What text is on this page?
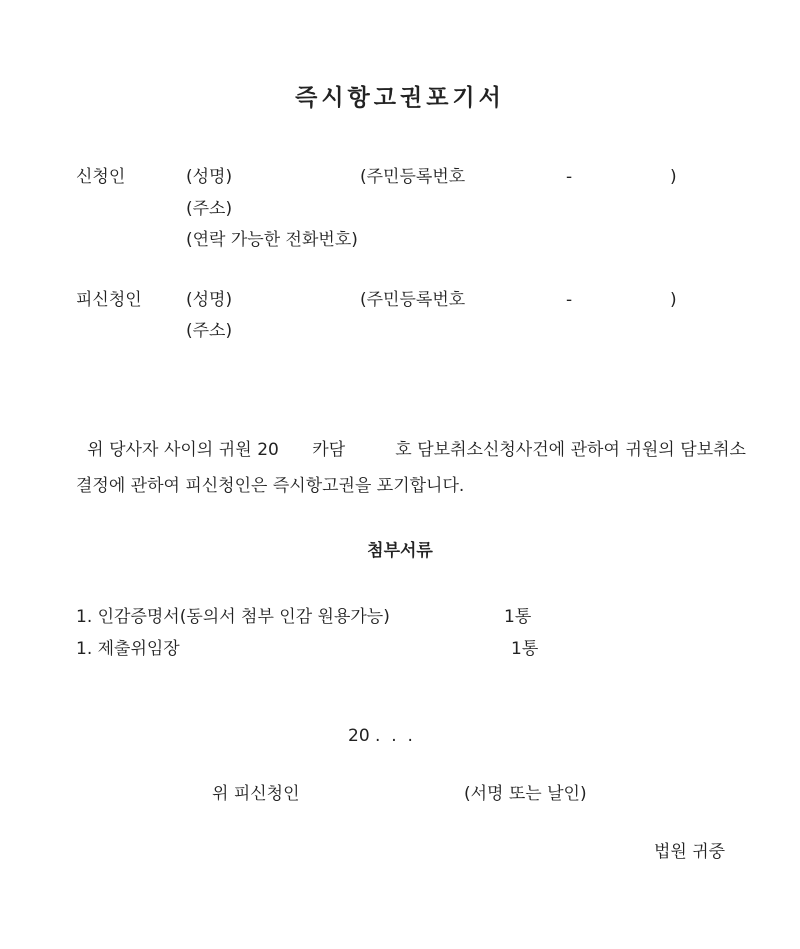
즉시항고권포기서
신청인	(성명)	(주민등록번호	-	)
(주소)
(연락 가능한 전화번호)
피신청인	(성명)	(주민등록번호	-	)
(주소)
위 당사자 사이의 귀원 20 카담	호 담보취소신청사건에 관하여 귀원의 담보취소결정에 관하여 피신청인은 즉시항고권을 포기합니다.
첨부서류
1. 인감증명서(동의서 첨부 인감 원용가능)	1통
1. 제출위임장	1통
20 .  .  .
위 피신청인	(서명 또는 날인)
법원 귀중
